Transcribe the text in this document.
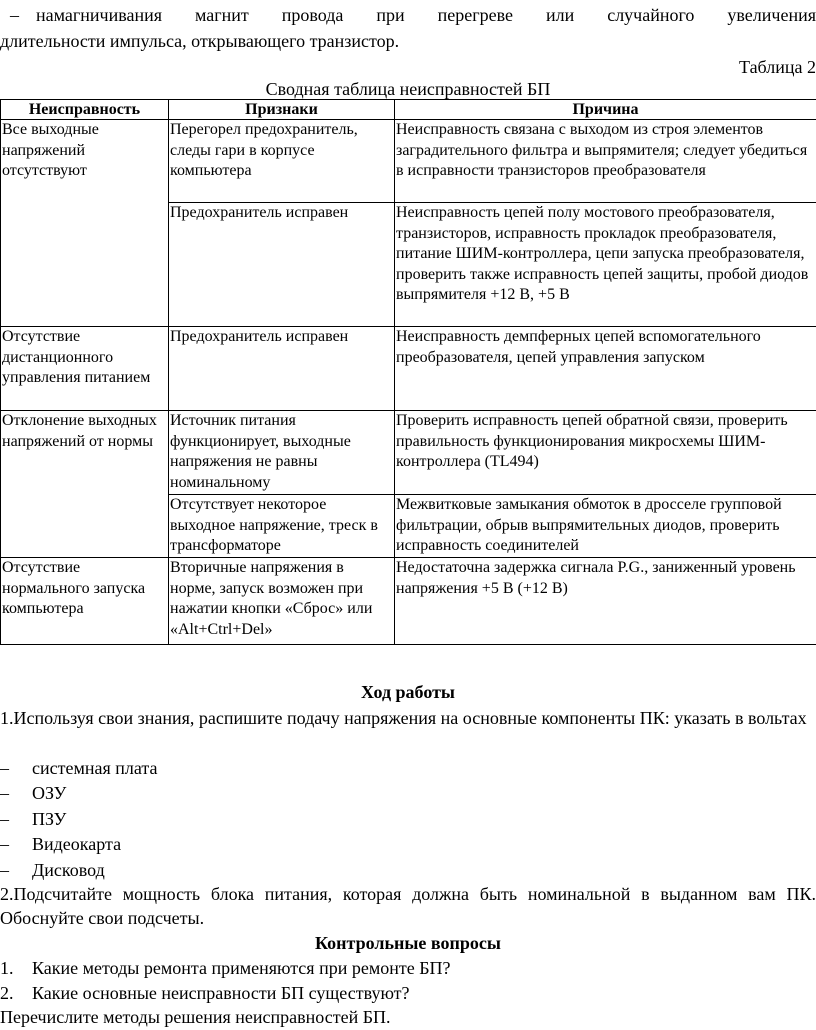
– намагничивания магнит провода при перегреве или случайного увеличения
длительности импульса, открывающего транзистор.
Таблица 2
Сводная таблица неисправностей БП
Неисправность	Признаки	Причина
Все выходные напряжений отсутствуют	Перегорел предохранитель, следы гари в корпусе компьютера	Неисправность связана с выходом из строя элементов заградительного фильтра и выпрямителя; следует убедиться в исправности транзисторов преобразователя
	Предохранитель исправен	Неисправность цепей полу мостового преобразователя, транзисторов, исправность прокладок преобразователя, питание ШИМ-контроллера, цепи запуска преобразователя, проверить также исправность цепей защиты, пробой диодов выпрямителя +12 В, +5 В
Отсутствие дистанционного управления питанием	Предохранитель исправен	Неисправность демпферных цепей вспомогательного преобразователя, цепей управления запуском
Отклонение выходных напряжений от нормы	Источник питания функционирует, выходные напряжения не равны номинальному	Проверить исправность цепей обратной связи, проверить правильность функционирования микросхемы ШИМ- контроллера (TL494)
	Отсутствует некоторое выходное напряжение, треск в трансформаторе	Межвитковые замыкания обмоток в дросселе групповой фильтрации, обрыв выпрямительных диодов, проверить исправность соединителей
Отсутствие нормального запуска компьютера	Вторичные напряжения в норме, запуск возможен при нажатии кнопки «Сброс» или «Alt+Ctrl+Del»	Недостаточна задержка сигнала P.G., заниженный уровень напряжения +5 В (+12 В)
Ход работы
1.Используя свои знания, распишите подачу напряжения на основные компоненты ПК: указать в вольтах
– системная плата
– ОЗУ
– ПЗУ
– Видеокарта
– Дисковод
2.Подсчитайте мощность блока питания, которая должна быть номинальной в выданном вам ПК. Обоснуйте свои подсчеты.
Контрольные вопросы
1. Какие методы ремонта применяются при ремонте БП?
2. Какие основные неисправности БП существуют?
Перечислите методы решения неисправностей БП.
